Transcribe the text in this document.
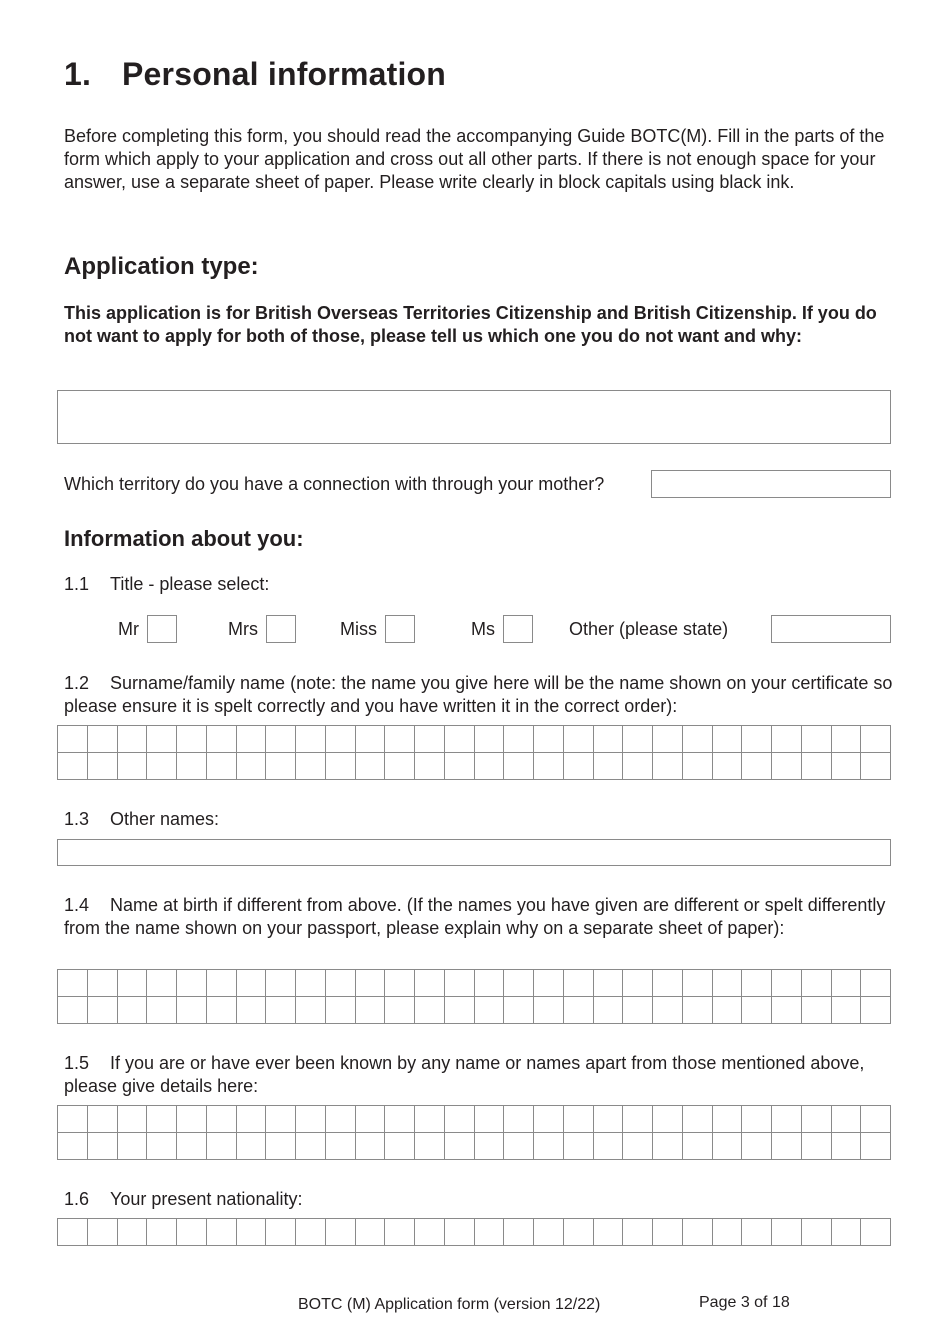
1. Personal information
Before completing this form, you should read the accompanying Guide BOTC(M). Fill in the parts of the form which apply to your application and cross out all other parts. If there is not enough space for your answer, use a separate sheet of paper. Please write clearly in block capitals using black ink.
Application type:
This application is for British Overseas Territories Citizenship and British Citizenship. If you do not want to apply for both of those, please tell us which one you do not want and why:
Which territory do you have a connection with through your mother?
Information about you:
1.1 Title - please select:
Mr	Mrs	Miss	Ms	Other (please state)
1.2 Surname/family name (note: the name you give here will be the name shown on your certificate so please ensure it is spelt correctly and you have written it in the correct order):
1.3 Other names:
1.4 Name at birth if different from above. (If the names you have given are different or spelt differently from the name shown on your passport, please explain why on a separate sheet of paper):
1.5 If you are or have ever been known by any name or names apart from those mentioned above, please give details here:
1.6 Your present nationality:
BOTC (M) Application form (version 12/22)	Page 3 of 18
